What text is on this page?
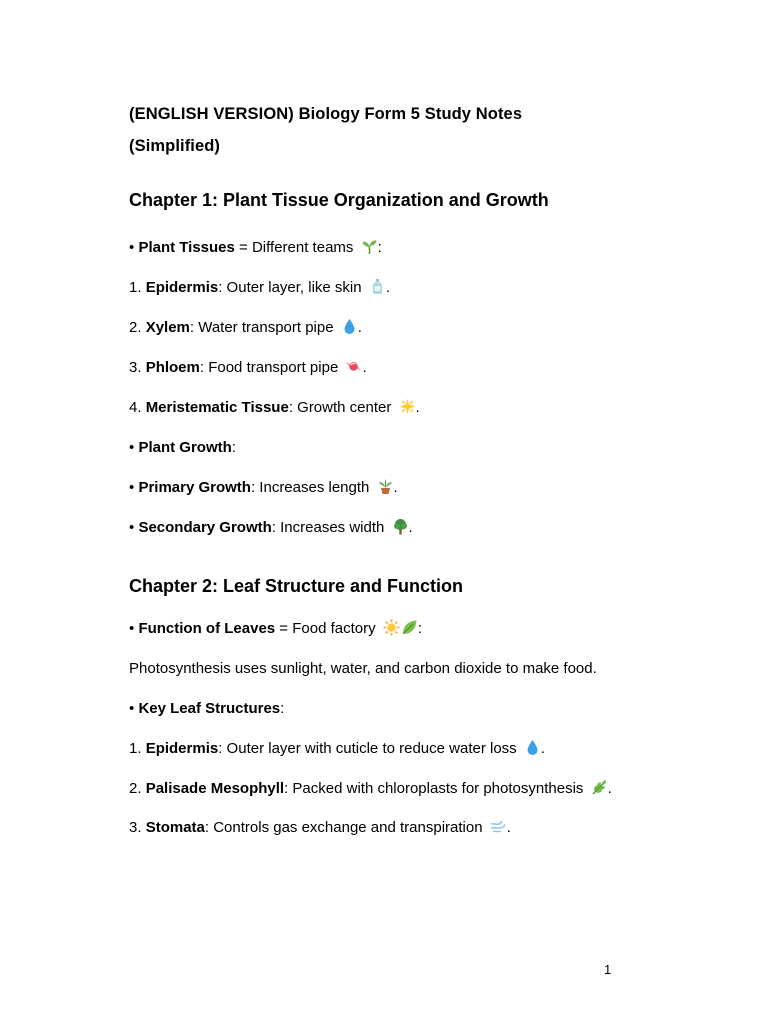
(ENGLISH VERSION) Biology Form 5 Study Notes
(Simplified)

Chapter 1: Plant Tissue Organization and Growth

• Plant Tissues = Different teams :

1. Epidermis: Outer layer, like skin .

2. Xylem: Water transport pipe .

3. Phloem: Food transport pipe .

4. Meristematic Tissue: Growth center .

• Plant Growth:

• Primary Growth: Increases length .

• Secondary Growth: Increases width .

Chapter 2: Leaf Structure and Function

• Function of Leaves = Food factory	:

Photosynthesis uses sunlight, water, and carbon dioxide to make food.

• Key Leaf Structures:

1. Epidermis: Outer layer with cuticle to reduce water loss .

2. Palisade Mesophyll: Packed with chloroplasts for photosynthesis .

3. Stomata: Controls gas exchange and transpiration .

1
